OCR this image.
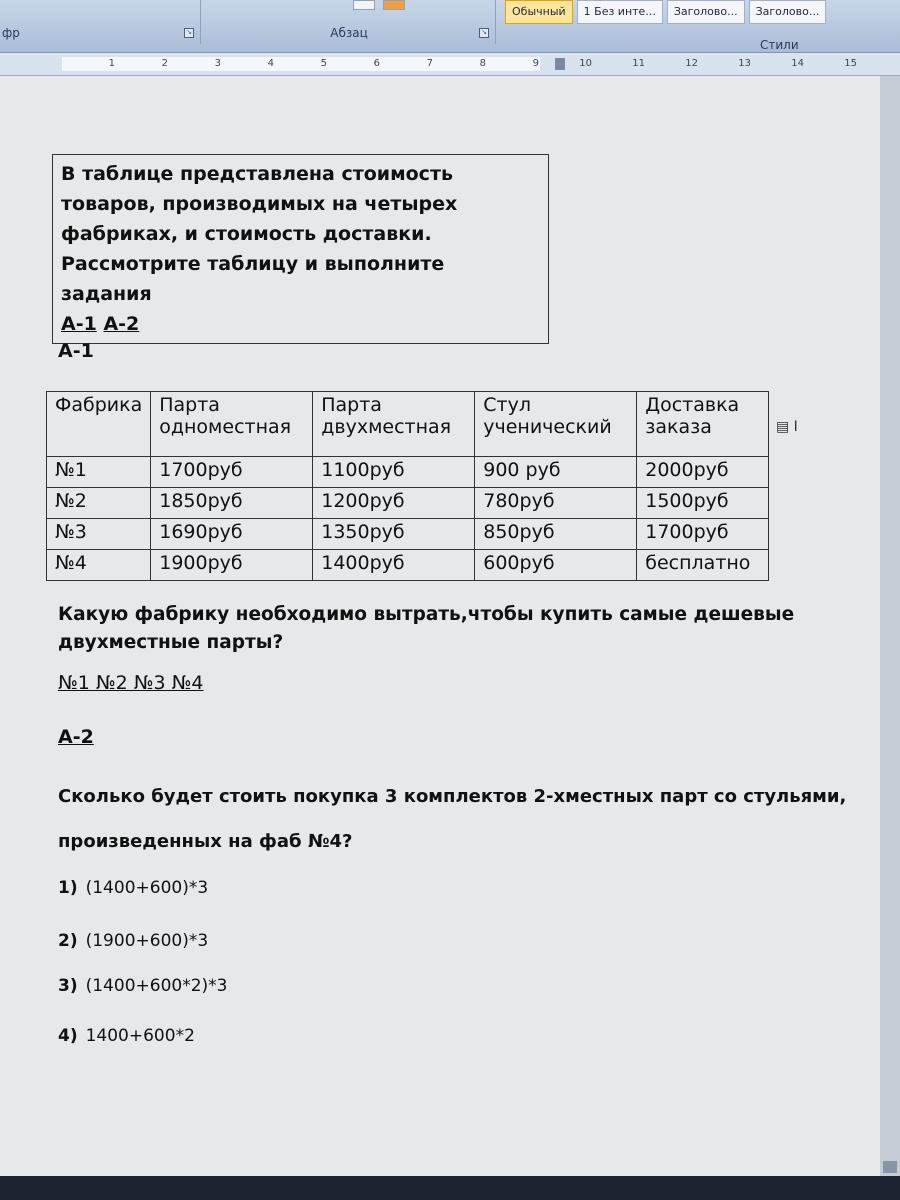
фр	↘	Абзац	↘
Обычный	1 Без инте...	Заголово...	Заголово...
Стили
1	2	3	4	5	6	7	8	9	10	11	12	13	14	15
В таблице представлена стоимость
товаров, производимых на четырех
фабриках, и стоимость доставки.
Рассмотрите таблицу и выполните
задания
А-1 А-2
А-1
Фабрика	Парта одноместная	Парта двухместная	Стул ученический	Доставка заказа
№1	1700руб	1100руб	900 руб	2000руб
№2	1850руб	1200руб	780руб	1500руб
№3	1690руб	1350руб	850руб	1700руб
№4	1900руб	1400руб	600руб	бесплатно
▤ Ⅰ
Какую фабрику необходимо вытрать,чтобы купить самые дешевые двухместные парты?
№1 №2 №3 №4
А-2
Сколько будет стоить покупка 3 комплектов 2-хместных парт со стульями,
произведенных на фаб №4?
1) (1400+600)*3
2) (1900+600)*3
3) (1400+600*2)*3
4) 1400+600*2
